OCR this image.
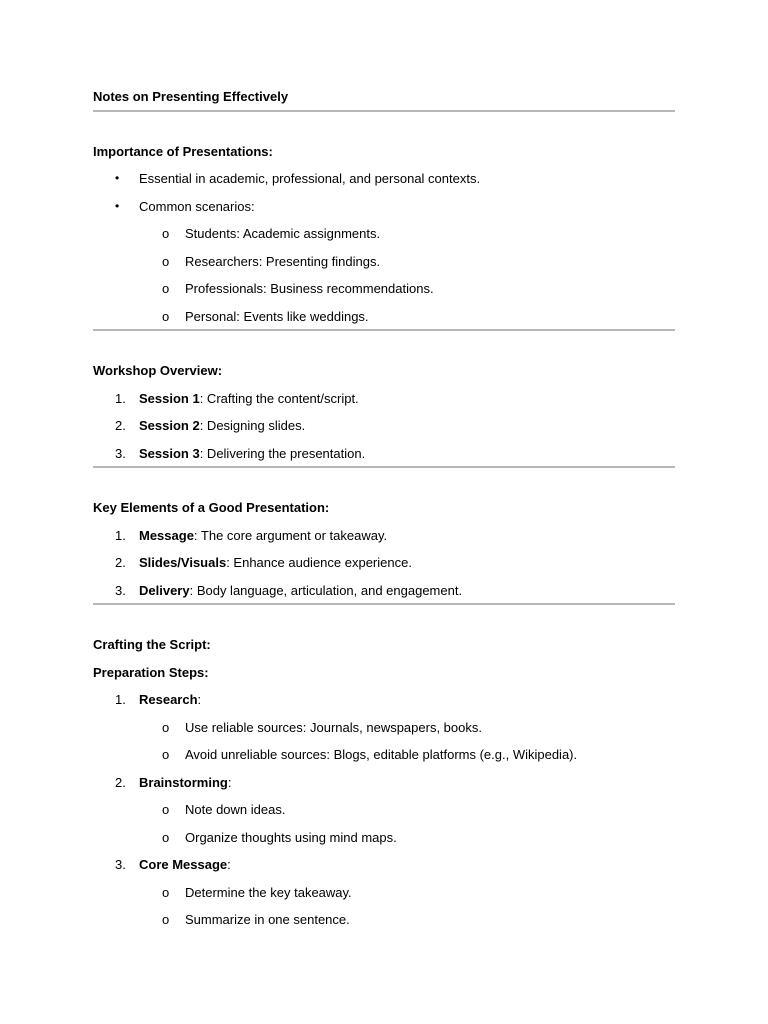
Notes on Presenting Effectively
Importance of Presentations:
• Essential in academic, professional, and personal contexts.
• Common scenarios:
o	Students: Academic assignments.
o	Researchers: Presenting findings.
o	Professionals: Business recommendations.
o	Personal: Events like weddings.
Workshop Overview:
1.	Session 1: Crafting the content/script.
2.	Session 2: Designing slides.
3.	Session 3: Delivering the presentation.
Key Elements of a Good Presentation:
1.	Message: The core argument or takeaway.
2.	Slides/Visuals: Enhance audience experience.
3.	Delivery: Body language, articulation, and engagement.
Crafting the Script:
Preparation Steps:
1.	Research:
o	Use reliable sources: Journals, newspapers, books.
o	Avoid unreliable sources: Blogs, editable platforms (e.g., Wikipedia).
2.	Brainstorming:
o	Note down ideas.
o	Organize thoughts using mind maps.
3.	Core Message:
o	Determine the key takeaway.
o	Summarize in one sentence.
